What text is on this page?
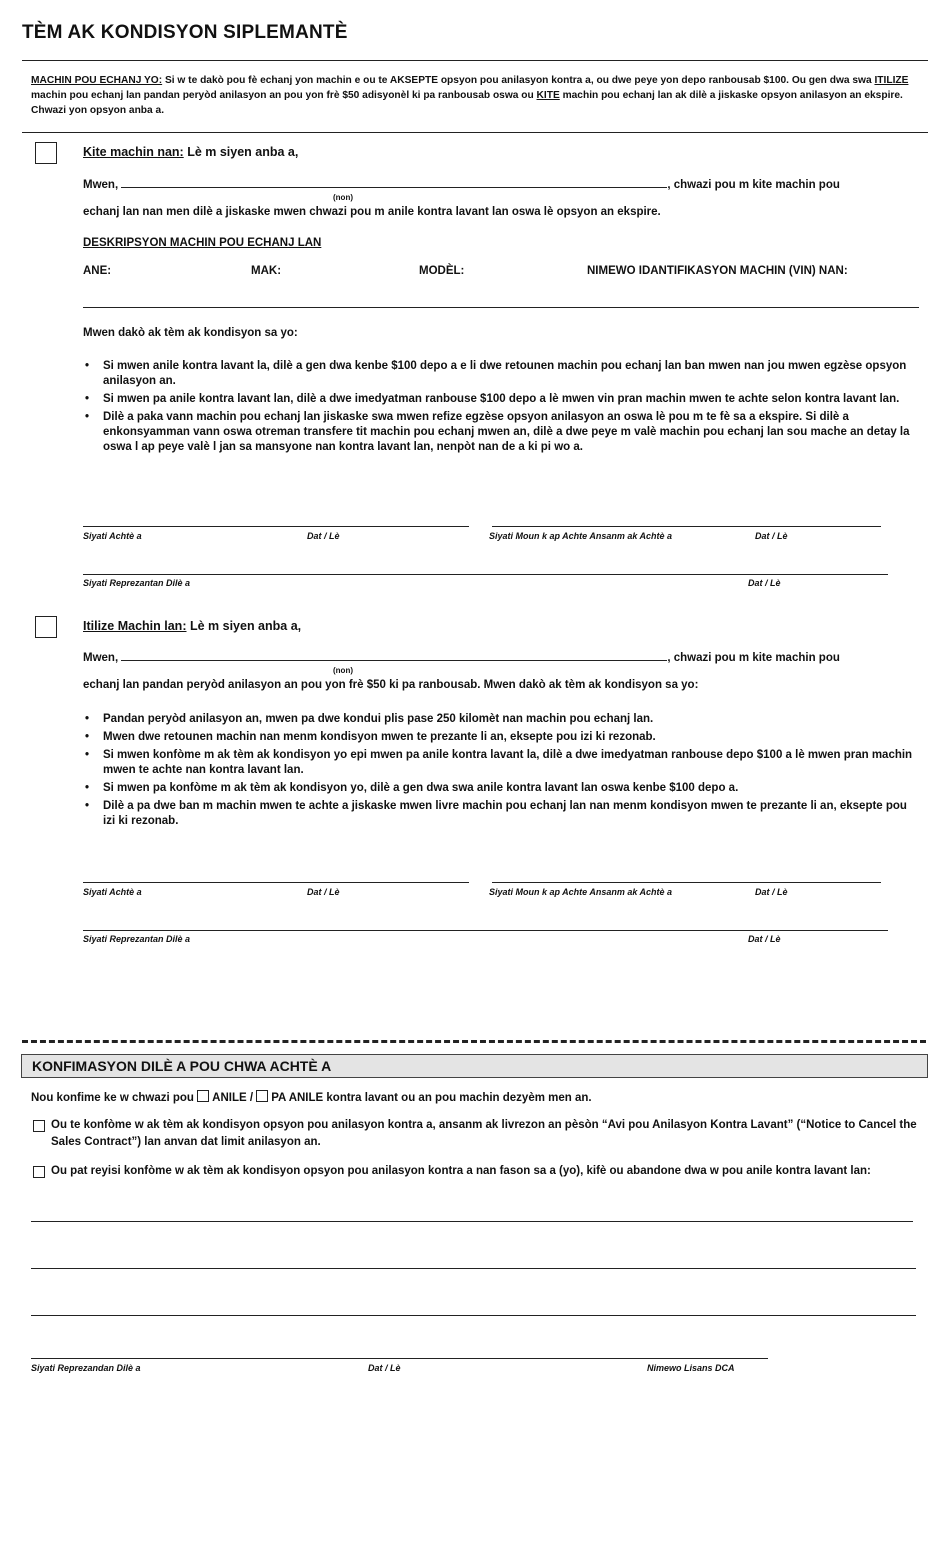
TÈM AK KONDISYON SIPLEMANTÈ
MACHIN POU ECHANJ YO: Si w te dakò pou fè echanj yon machin e ou te AKSEPTE opsyon pou anilasyon kontra a, ou dwe peye yon depo ranbousab $100. Ou gen dwa swa ITILIZE machin pou echanj lan pandan peryòd anilasyon an pou yon frè $50 adisyonèl ki pa ranbousab oswa ou KITE machin pou echanj lan ak dilè a jiskaske opsyon anilasyon an ekspire. Chwazi yon opsyon anba a.
Kite machin nan: Lè m siyen anba a,
Mwen,	, chwazi pou m kite machin pou
(non)
echanj lan nan men dilè a jiskaske mwen chwazi pou m anile kontra lavant lan oswa lè opsyon an ekspire.
DESKRIPSYON MACHIN POU ECHANJ LAN
ANE:	MAK:	MODÈL:	NIMEWO IDANTIFIKASYON MACHIN (VIN) NAN:
Mwen dakò ak tèm ak kondisyon sa yo:
• Si mwen anile kontra lavant la, dilè a gen dwa kenbe $100 depo a e li dwe retounen machin pou echanj lan ban mwen nan jou mwen egzèse opsyon anilasyon an.
• Si mwen pa anile kontra lavant lan, dilè a dwe imedyatman ranbouse $100 depo a lè mwen vin pran machin mwen te achte selon kontra lavant lan.
• Dilè a paka vann machin pou echanj lan jiskaske swa mwen refize egzèse opsyon anilasyon an oswa lè pou m te fè sa a ekspire. Si dilè a enkonsyamman vann oswa otreman transfere tit machin pou echanj mwen an, dilè a dwe peye m valè machin pou echanj lan sou mache an detay la oswa l ap peye valè l jan sa mansyone nan kontra lavant lan, nenpòt nan de a ki pi wo a.
Siyati Achtè a	Dat / Lè	Siyati Moun k ap Achte Ansanm ak Achtè a	Dat / Lè
Siyati Reprezantan Dilè a	Dat / Lè
Itilize Machin lan: Lè m siyen anba a,
Mwen,	, chwazi pou m kite machin pou
(non)
echanj lan pandan peryòd anilasyon an pou yon frè $50 ki pa ranbousab. Mwen dakò ak tèm ak kondisyon sa yo:
• Pandan peryòd anilasyon an, mwen pa dwe kondui plis pase 250 kilomèt nan machin pou echanj lan.
• Mwen dwe retounen machin nan menm kondisyon mwen te prezante li an, eksepte pou izi ki rezonab.
• Si mwen konfòme m ak tèm ak kondisyon yo epi mwen pa anile kontra lavant la, dilè a dwe imedyatman ranbouse depo $100 a lè mwen pran machin mwen te achte nan kontra lavant lan.
• Si mwen pa konfòme m ak tèm ak kondisyon yo, dilè a gen dwa swa anile kontra lavant lan oswa kenbe $100 depo a.
• Dilè a pa dwe ban m machin mwen te achte a jiskaske mwen livre machin pou echanj lan nan menm kondisyon mwen te prezante li an, eksepte pou izi ki rezonab.
Siyati Achtè a	Dat / Lè	Siyati Moun k ap Achte Ansanm ak Achtè a	Dat / Lè
Siyati Reprezantan Dilè a	Dat / Lè
KONFIMASYON DILÈ A POU CHWA ACHTÈ A
Nou konfime ke w chwazi pou ANILE / PA ANILE kontra lavant ou an pou machin dezyèm men an.
Ou te konfòme w ak tèm ak kondisyon opsyon pou anilasyon kontra a, ansanm ak livrezon an pèsòn “Avi pou Anilasyon Kontra Lavant” (“Notice to Cancel the Sales Contract”) lan anvan dat limit anilasyon an.
Ou pat reyisi konfòme w ak tèm ak kondisyon opsyon pou anilasyon kontra a nan fason sa a (yo), kifè ou abandone dwa w pou anile kontra lavant lan:
Siyati Reprezandan Dilè a	Dat / Lè	Nimewo Lisans DCA
